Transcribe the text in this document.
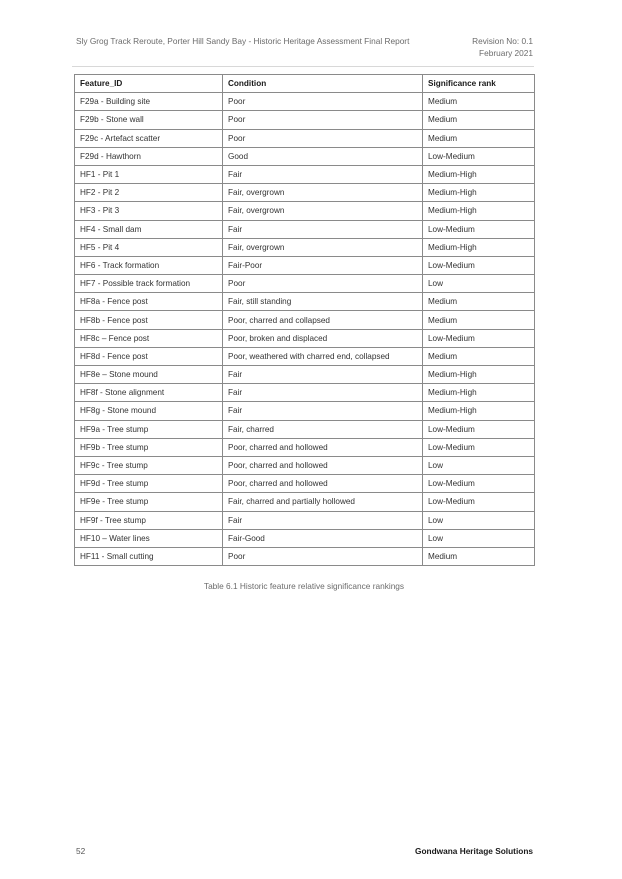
Sly Grog Track Reroute, Porter Hill Sandy Bay - Historic Heritage Assessment Final Report	Revision No: 0.1
February 2021
Feature_ID	Condition	Significance rank
F29a - Building site	Poor	Medium
F29b - Stone wall	Poor	Medium
F29c - Artefact scatter	Poor	Medium
F29d - Hawthorn	Good	Low-Medium
HF1 - Pit 1	Fair	Medium-High
HF2 - Pit 2	Fair, overgrown	Medium-High
HF3 - Pit 3	Fair, overgrown	Medium-High
HF4 - Small dam	Fair	Low-Medium
HF5 - Pit 4	Fair, overgrown	Medium-High
HF6 - Track formation	Fair-Poor	Low-Medium
HF7 - Possible track formation	Poor	Low
HF8a - Fence post	Fair, still standing	Medium
HF8b - Fence post	Poor, charred and collapsed	Medium
HF8c – Fence post	Poor, broken and displaced	Low-Medium
HF8d - Fence post	Poor, weathered with charred end, collapsed	Medium
HF8e – Stone mound	Fair	Medium-High
HF8f - Stone alignment	Fair	Medium-High
HF8g - Stone mound	Fair	Medium-High
HF9a - Tree stump	Fair, charred	Low-Medium
HF9b - Tree stump	Poor, charred and hollowed	Low-Medium
HF9c - Tree stump	Poor, charred and hollowed	Low
HF9d - Tree stump	Poor, charred and hollowed	Low-Medium
HF9e - Tree stump	Fair, charred and partially hollowed	Low-Medium
HF9f - Tree stump	Fair	Low
HF10 – Water lines	Fair-Good	Low
HF11 - Small cutting	Poor	Medium
Table 6.1 Historic feature relative significance rankings
52	Gondwana Heritage Solutions
